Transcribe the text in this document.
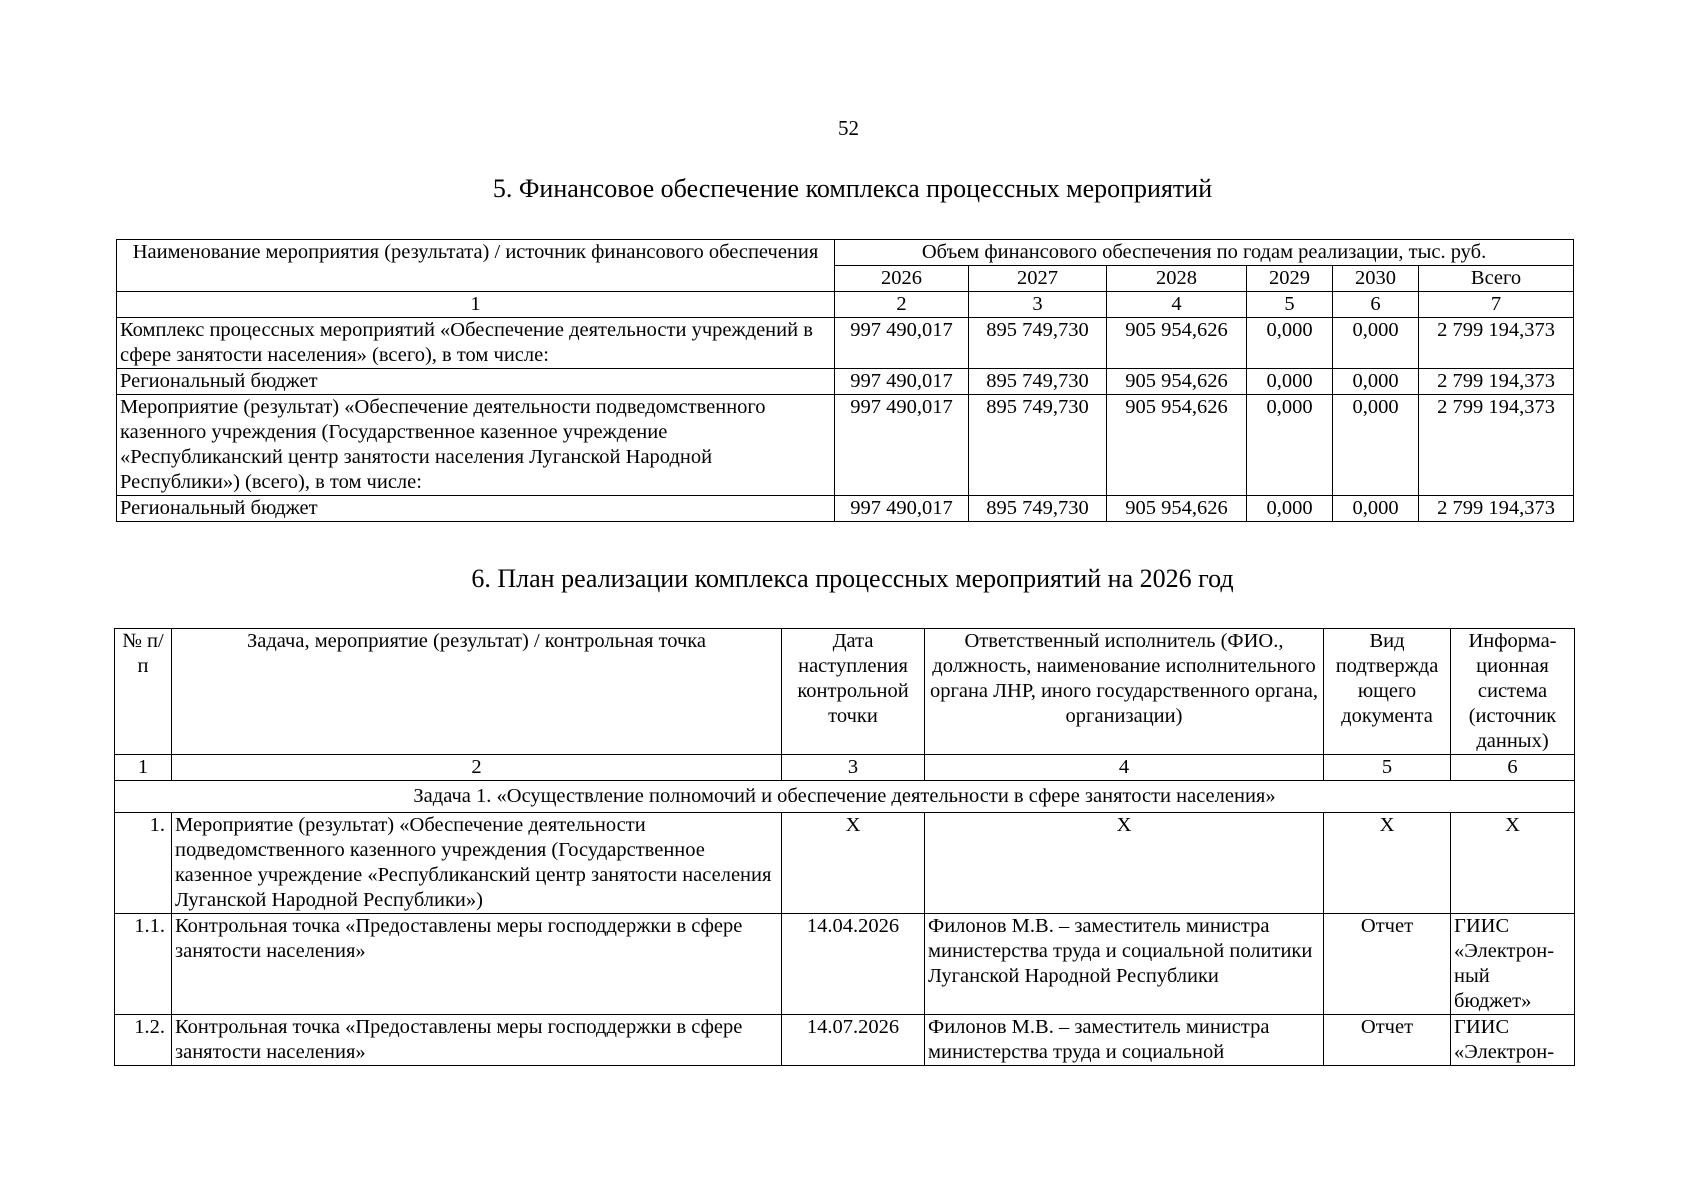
52
5. Финансовое обеспечение комплекса процессных мероприятий
Наименование мероприятия (результата) / источник финансового обеспечения	Объем финансового обеспечения по годам реализации, тыс. руб.					
	2026	2027	2028	2029	2030	Всего
1	2	3	4	5	6	7
Комплекс процессных мероприятий «Обеспечение деятельности учреждений в сфере занятости населения» (всего), в том числе:	997 490,017	895 749,730	905 954,626	0,000	0,000	2 799 194,373
Региональный бюджет	997 490,017	895 749,730	905 954,626	0,000	0,000	2 799 194,373
Мероприятие (результат) «Обеспечение деятельности подведомственного казенного учреждения (Государственное казенное учреждение «Республиканский центр занятости населения Луганской Народной Республики») (всего), в том числе:	997 490,017	895 749,730	905 954,626	0,000	0,000	2 799 194,373
Региональный бюджет	997 490,017	895 749,730	905 954,626	0,000	0,000	2 799 194,373
6. План реализации комплекса процессных мероприятий на 2026 год
№ п/п	Задача, мероприятие (результат) / контрольная точка	Дата наступления контрольной точки	Ответственный исполнитель (ФИО., должность, наименование исполнительного органа ЛНР, иного государственного органа, организации)	Вид подтвержда ющего документа	Информа-ционная система (источник данных)
1	2	3	4	5	6
Задача 1. «Осуществление полномочий и обеспечение деятельности в сфере занятости населения»					
1.	Мероприятие (результат) «Обеспечение деятельности подведомственного казенного учреждения (Государственное казенное учреждение «Республиканский центр занятости населения Луганской Народной Республики»)	X	X	X	X
1.1.	Контрольная точка «Предоставлены меры господдержки в сфере занятости населения»	14.04.2026	Филонов М.В. – заместитель министра министерства труда и социальной политики Луганской Народной Республики	Отчет	ГИИС «Электрон-ный бюджет»
1.2.	Контрольная точка «Предоставлены меры господдержки в сфере занятости населения»	14.07.2026	Филонов М.В. – заместитель министра министерства труда и социальной	Отчет	ГИИС «Электрон-
